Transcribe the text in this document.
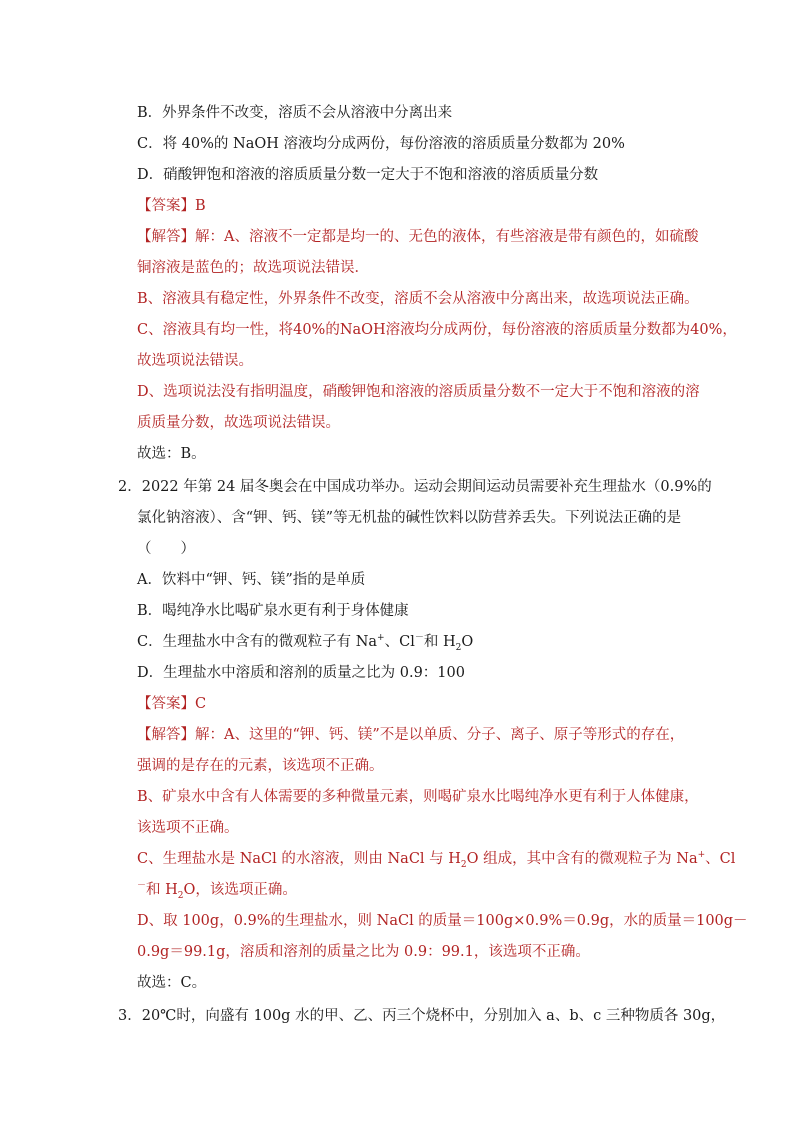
B．外界条件不改变，溶质不会从溶液中分离出来
C．将 40%的 NaOH 溶液均分成两份，每份溶液的溶质质量分数都为 20%
D．硝酸钾饱和溶液的溶质质量分数一定大于不饱和溶液的溶质质量分数
【答案】B
【解答】解：A、溶液不一定都是均一的、无色的液体，有些溶液是带有颜色的，如硫酸
铜溶液是蓝色的；故选项说法错误．
B、溶液具有稳定性，外界条件不改变，溶质不会从溶液中分离出来，故选项说法正确。
C、溶液具有均一性，将40%的NaOH溶液均分成两份，每份溶液的溶质质量分数都为40%，
故选项说法错误。
D、选项说法没有指明温度，硝酸钾饱和溶液的溶质质量分数不一定大于不饱和溶液的溶
质质量分数，故选项说法错误。
故选：B。
2．2022 年第 24 届冬奥会在中国成功举办。运动会期间运动员需要补充生理盐水（0.9%的
氯化钠溶液）、含“钾、钙、镁”等无机盐的碱性饮料以防营养丢失。下列说法正确的是
（　　）
A．饮料中“钾、钙、镁”指的是单质
B．喝纯净水比喝矿泉水更有利于身体健康
C．生理盐水中含有的微观粒子有 Na+、Cl－和 $H_2O$
D．生理盐水中溶质和溶剂的质量之比为 0.9：100
【答案】C
【解答】解：A、这里的“钾、钙、镁”不是以单质、分子、离子、原子等形式的存在，
强调的是存在的元素，该选项不正确。
B、矿泉水中含有人体需要的多种微量元素，则喝矿泉水比喝纯净水更有利于人体健康，
该选项不正确。
C、生理盐水是 NaCl 的水溶液，则由 NaCl 与 $H_2O$ 组成，其中含有的微观粒子为 Na+、Cl
－和 $H_2O$，该选项正确。
D、取 100g，0.9%的生理盐水，则 NaCl 的质量＝100g×0.9%＝0.9g，水的质量＝100g－
0.9g＝99.1g，溶质和溶剂的质量之比为 0.9：99.1，该选项不正确。
故选：C。
3．20℃时，向盛有 100g 水的甲、乙、丙三个烧杯中，分别加入 a、b、c 三种物质各 30g，
